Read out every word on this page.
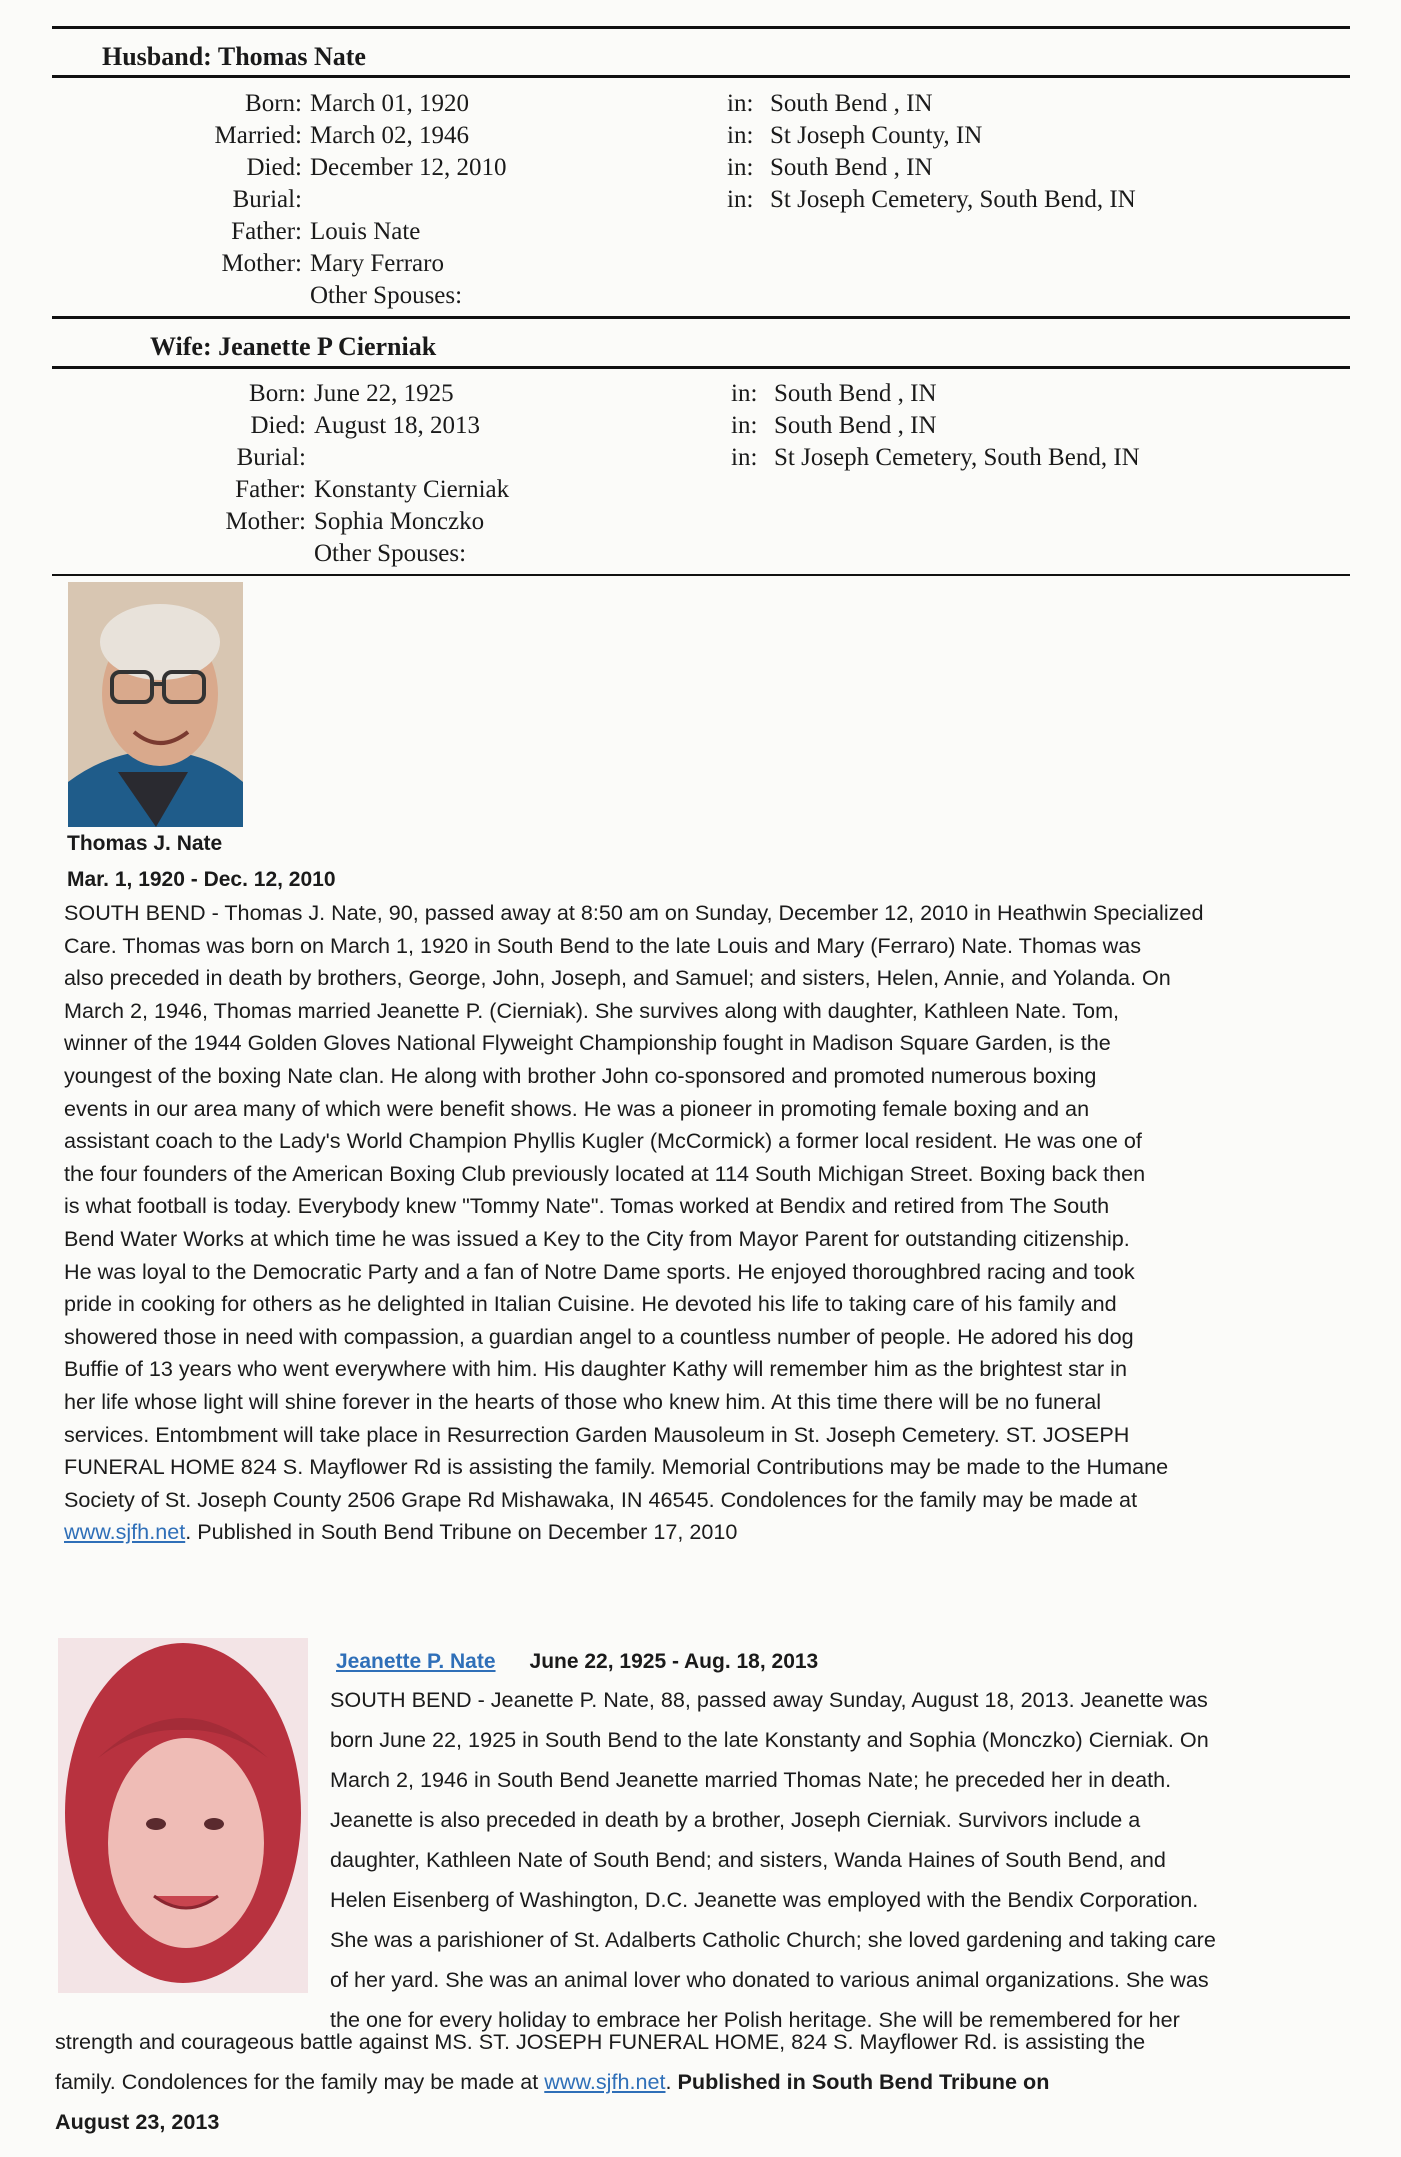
Husband: Thomas Nate
Born: March 01, 1920	in: South Bend , IN
Married: March 02, 1946	in: St Joseph County, IN
Died: December 12, 2010	in: South Bend , IN
Burial:	in: St Joseph Cemetery, South Bend, IN
Father: Louis Nate
Mother: Mary Ferraro
Other Spouses:
Wife: Jeanette P Cierniak
Born: June 22, 1925	in: South Bend , IN
Died: August 18, 2013	in: South Bend , IN
Burial:	in: St Joseph Cemetery, South Bend, IN
Father: Konstanty Cierniak
Mother: Sophia Monczko
Other Spouses:
Thomas J. Nate
Mar. 1, 1920 - Dec. 12, 2010
SOUTH BEND - Thomas J. Nate, 90, passed away at 8:50 am on Sunday, December 12, 2010 in Heathwin Specialized
Care. Thomas was born on March 1, 1920 in South Bend to the late Louis and Mary (Ferraro) Nate. Thomas was
also preceded in death by brothers, George, John, Joseph, and Samuel; and sisters, Helen, Annie, and Yolanda. On
March 2, 1946, Thomas married Jeanette P. (Cierniak). She survives along with daughter, Kathleen Nate. Tom,
winner of the 1944 Golden Gloves National Flyweight Championship fought in Madison Square Garden, is the
youngest of the boxing Nate clan. He along with brother John co-sponsored and promoted numerous boxing
events in our area many of which were benefit shows. He was a pioneer in promoting female boxing and an
assistant coach to the Lady's World Champion Phyllis Kugler (McCormick) a former local resident. He was one of
the four founders of the American Boxing Club previously located at 114 South Michigan Street. Boxing back then
is what football is today. Everybody knew "Tommy Nate". Tomas worked at Bendix and retired from The South
Bend Water Works at which time he was issued a Key to the City from Mayor Parent for outstanding citizenship.
He was loyal to the Democratic Party and a fan of Notre Dame sports. He enjoyed thoroughbred racing and took
pride in cooking for others as he delighted in Italian Cuisine. He devoted his life to taking care of his family and
showered those in need with compassion, a guardian angel to a countless number of people. He adored his dog
Buffie of 13 years who went everywhere with him. His daughter Kathy will remember him as the brightest star in
her life whose light will shine forever in the hearts of those who knew him. At this time there will be no funeral
services. Entombment will take place in Resurrection Garden Mausoleum in St. Joseph Cemetery. ST. JOSEPH
FUNERAL HOME 824 S. Mayflower Rd is assisting the family. Memorial Contributions may be made to the Humane
Society of St. Joseph County 2506 Grape Rd Mishawaka, IN 46545. Condolences for the family may be made at
www.sjfh.net. Published in South Bend Tribune on December 17, 2010
Jeanette P. Nate June 22, 1925 - Aug. 18, 2013
SOUTH BEND - Jeanette P. Nate, 88, passed away Sunday, August 18, 2013. Jeanette was
born June 22, 1925 in South Bend to the late Konstanty and Sophia (Monczko) Cierniak. On
March 2, 1946 in South Bend Jeanette married Thomas Nate; he preceded her in death.
Jeanette is also preceded in death by a brother, Joseph Cierniak. Survivors include a
daughter, Kathleen Nate of South Bend; and sisters, Wanda Haines of South Bend, and
Helen Eisenberg of Washington, D.C. Jeanette was employed with the Bendix Corporation.
She was a parishioner of St. Adalberts Catholic Church; she loved gardening and taking care
of her yard. She was an animal lover who donated to various animal organizations. She was
the one for every holiday to embrace her Polish heritage. She will be remembered for her
strength and courageous battle against MS. ST. JOSEPH FUNERAL HOME, 824 S. Mayflower Rd. is assisting the
family. Condolences for the family may be made at www.sjfh.net. Published in South Bend Tribune on
August 23, 2013
